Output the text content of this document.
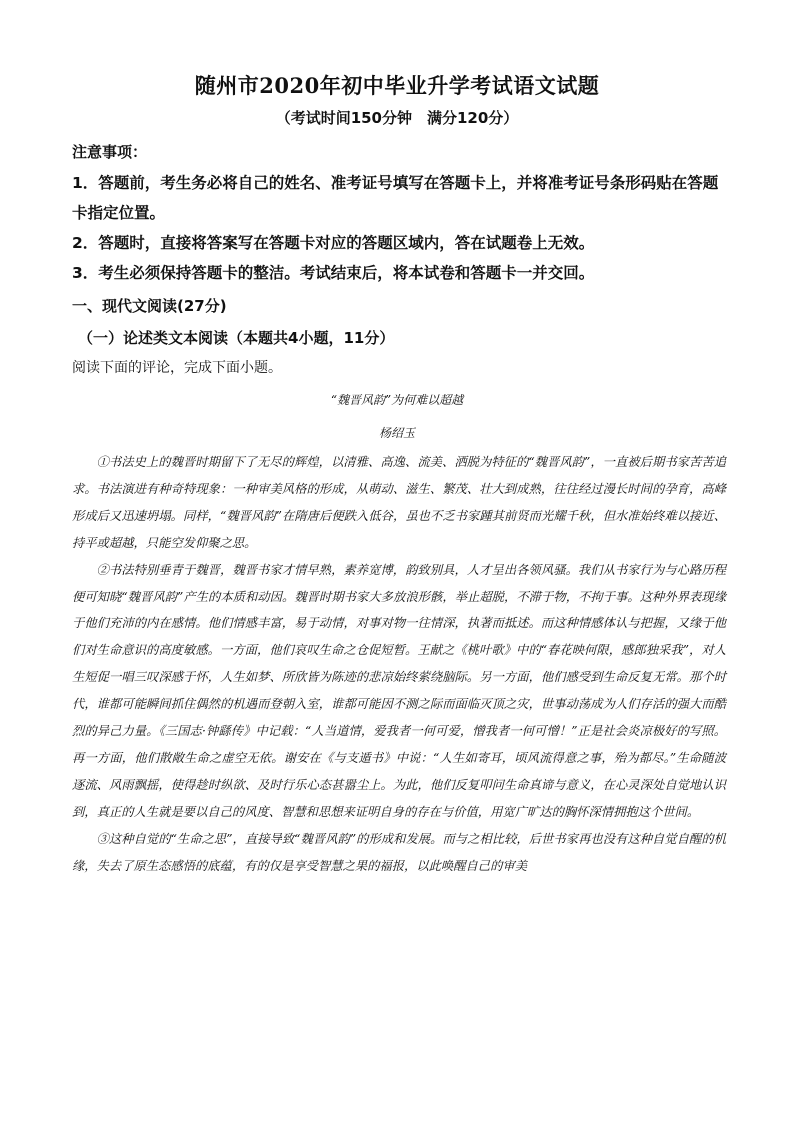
随州市2020年初中毕业升学考试语文试题
（考试时间150分钟　满分120分）
注意事项：

1．答题前，考生务必将自己的姓名、准考证号填写在答题卡上，并将准考证号条形码贴在答题卡指定位置。

2．答题时，直接将答案写在答题卡对应的答题区域内，答在试题卷上无效。

3．考生必须保持答题卡的整洁。考试结束后，将本试卷和答题卡一并交回。

一、现代文阅读(27分)
（一）论述类文本阅读（本题共4小题，11分）
阅读下面的评论，完成下面小题。
“魏晋风韵”为何难以超越
杨绍玉

①书法史上的魏晋时期留下了无尽的辉煌，以清雅、高逸、流美、洒脱为特征的“魏晋风韵”，一直被后期书家苦苦追求。书法演进有种奇特现象：一种审美风格的形成，从萌动、滋生、繁茂、壮大到成熟，往往经过漫长时间的孕育，高峰形成后又迅速坍塌。同样，“魏晋风韵”在隋唐后便跌入低谷，虽也不乏书家踵其前贤而光耀千秋，但水准始终难以接近、持平或超越，只能空发仰聚之思。

②书法特别垂青于魏晋，魏晋书家才情早熟，素养宽博，韵致别具，人才呈出各领风骚。我们从书家行为与心路历程便可知晓“魏晋风韵”产生的本质和动因。魏晋时期书家大多放浪形骸，举止超脱，不滞于物，不拘于事。这种外界表现缘于他们充沛的内在感情。他们情感丰富，易于动情，对事对物一往情深，执著而抵述。而这种情感体认与把握，又缘于他们对生命意识的高度敏感。一方面，他们哀叹生命之仓促短暂。王献之《桃叶歌》中的“春花映何限，感郎独采我”，对人生短促一唱三叹深感于怀，人生如梦、所欣皆为陈迹的悲凉始终萦绕脑际。另一方面，他们感受到生命反复无常。那个时代，谁都可能瞬间抓住偶然的机遇而登朝入室，谁都可能因不测之际而面临灭顶之灾，世事动荡成为人们存活的强大而酷烈的异己力量。《三国志·钟繇传》中记载：“人当道情，爱我者一何可爱，憎我者一何可憎！”正是社会炎凉极好的写照。再一方面，他们散敞生命之虚空无依。谢安在《与支遁书》中说：“人生如寄耳，顷风流得意之事，殆为都尽。”生命随波逐流、风雨飘摇，使得趁时纵欲、及时行乐心态甚嚣尘上。为此，他们反复叩问生命真谛与意义，在心灵深处自觉地认识到，真正的人生就是要以自己的风度、智慧和思想来证明自身的存在与价值，用宽广旷达的胸怀深情拥抱这个世间。

③这种自觉的“生命之思”，直接导致“魏晋风韵”的形成和发展。而与之相比较，后世书家再也没有这种自觉自醒的机缘，失去了原生态感悟的底蕴，有的仅是享受智慧之果的福报，以此唤醒自己的审美
